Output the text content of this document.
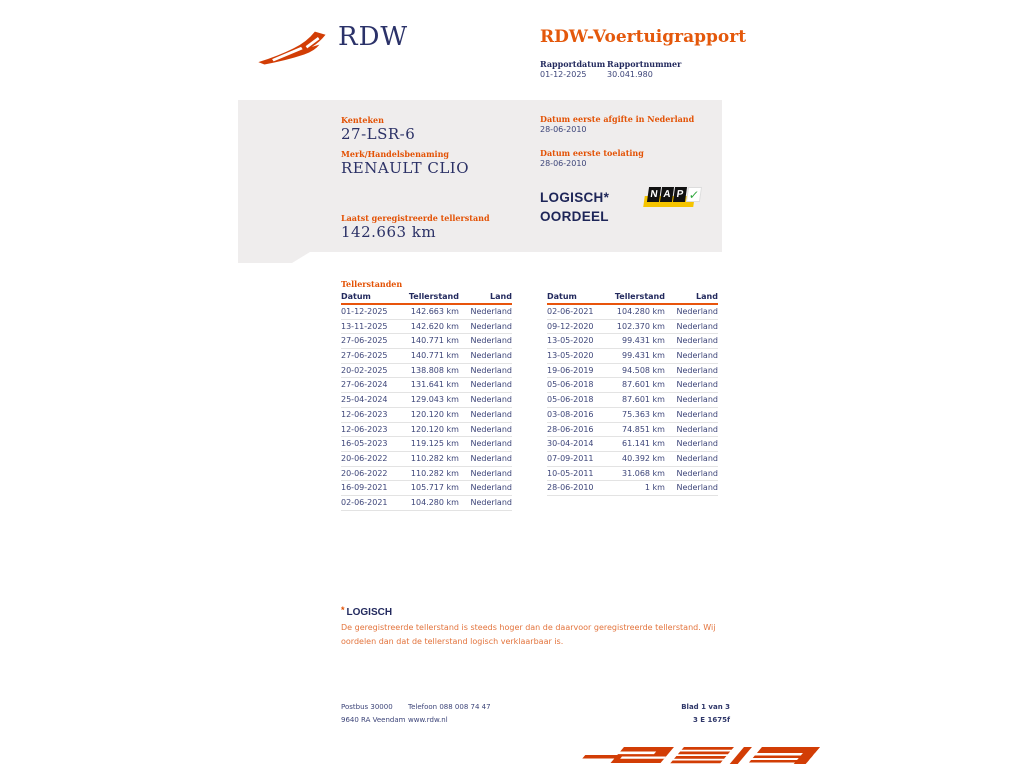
RDW	RDW-Voertuigrapport
Rapportdatum
01-12-2025
Rapportnummer
30.041.980
Kenteken
27-LSR-6
Merk/Handelsbenaming
RENAULT CLIO
Laatst geregistreerde tellerstand
142.663 km
Datum eerste afgifte in Nederland
28-06-2010
Datum eerste toelating
28-06-2010
LOGISCH*
OORDEEL
N A P ✓
Tellerstanden
Datum	Tellerstand	Land
01-12-2025	142.663 km	Nederland
13-11-2025	142.620 km	Nederland
27-06-2025	140.771 km	Nederland
27-06-2025	140.771 km	Nederland
20-02-2025	138.808 km	Nederland
27-06-2024	131.641 km	Nederland
25-04-2024	129.043 km	Nederland
12-06-2023	120.120 km	Nederland
12-06-2023	120.120 km	Nederland
16-05-2023	119.125 km	Nederland
20-06-2022	110.282 km	Nederland
20-06-2022	110.282 km	Nederland
16-09-2021	105.717 km	Nederland
02-06-2021	104.280 km	Nederland
Datum	Tellerstand	Land
02-06-2021	104.280 km	Nederland
09-12-2020	102.370 km	Nederland
13-05-2020	99.431 km	Nederland
13-05-2020	99.431 km	Nederland
19-06-2019	94.508 km	Nederland
05-06-2018	87.601 km	Nederland
05-06-2018	87.601 km	Nederland
03-08-2016	75.363 km	Nederland
28-06-2016	74.851 km	Nederland
30-04-2014	61.141 km	Nederland
07-09-2011	40.392 km	Nederland
10-05-2011	31.068 km	Nederland
28-06-2010	1 km	Nederland
* LOGISCH
De geregistreerde tellerstand is steeds hoger dan de daarvoor geregistreerde tellerstand. Wij oordelen dan dat de tellerstand logisch verklaarbaar is.
Postbus 30000
9640 RA Veendam
Telefoon 088 008 74 47
www.rdw.nl
Blad 1 van 3
3 E 1675f
